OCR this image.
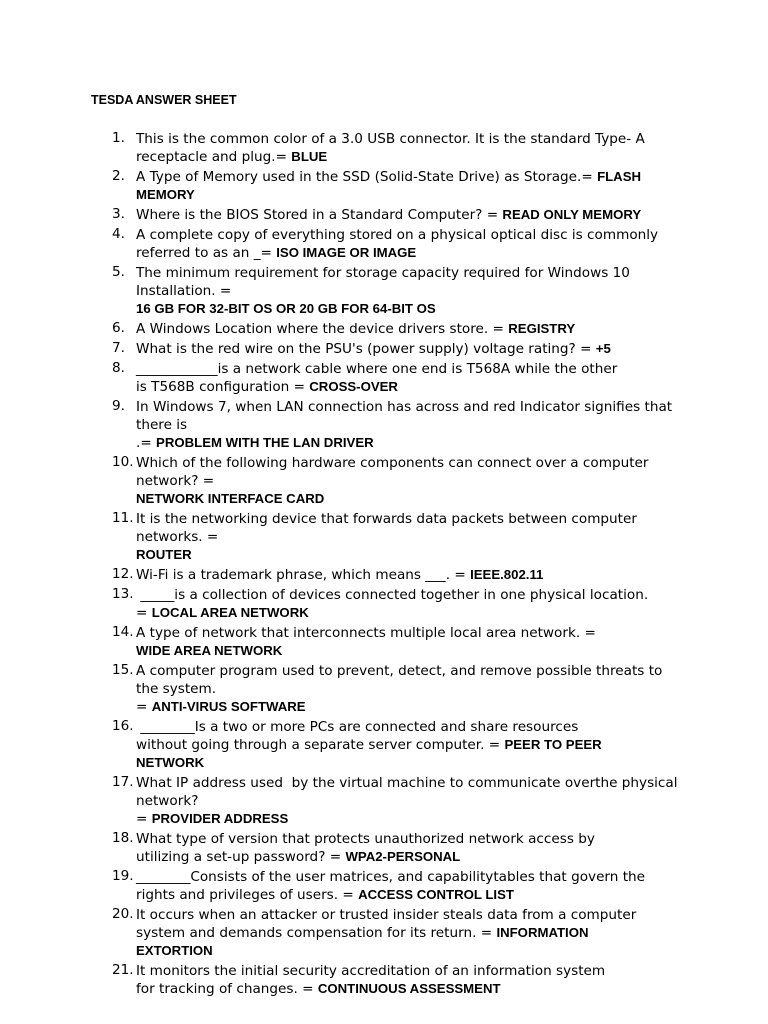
TESDA ANSWER SHEET
1. This is the common color of a 3.0 USB connector. It is the standard Type- A
receptacle and plug.= BLUE
2. A Type of Memory used in the SSD (Solid-State Drive) as Storage.= FLASH
MEMORY
3. Where is the BIOS Stored in a Standard Computer? = READ ONLY MEMORY
4. A complete copy of everything stored on a physical optical disc is commonly
referred to as an _= ISO IMAGE OR IMAGE
5. The minimum requirement for storage capacity required for Windows 10
Installation. =
16 GB FOR 32-BIT OS OR 20 GB FOR 64-BIT OS
6. A Windows Location where the device drivers store. = REGISTRY
7. What is the red wire on the PSU's (power supply) voltage rating? = +5
8. ____________is a network cable where one end is T568A while the other
is T568B configuration = CROSS-OVER
9. In Windows 7, when LAN connection has across and red Indicator signifies that
there is
.= PROBLEM WITH THE LAN DRIVER
10. Which of the following hardware components can connect over a computer
network? =
NETWORK INTERFACE CARD
11. It is the networking device that forwards data packets between computer
networks. =
ROUTER
12. Wi-Fi is a trademark phrase, which means ___. = IEEE.802.11
13. _____is a collection of devices connected together in one physical location.
= LOCAL AREA NETWORK
14. A type of network that interconnects multiple local area network. =
WIDE AREA NETWORK
15. A computer program used to prevent, detect, and remove possible threats to
the system.
= ANTI-VIRUS SOFTWARE
16. ________Is a two or more PCs are connected and share resources
without going through a separate server computer. = PEER TO PEER
NETWORK
17. What IP address used  by the virtual machine to communicate overthe physical
network?
= PROVIDER ADDRESS
18. What type of version that protects unauthorized network access by
utilizing a set-up password? = WPA2-PERSONAL
19. ________Consists of the user matrices, and capabilitytables that govern the
rights and privileges of users. = ACCESS CONTROL LIST
20. It occurs when an attacker or trusted insider steals data from a computer
system and demands compensation for its return. = INFORMATION
EXTORTION
21. It monitors the initial security accreditation of an information system
for tracking of changes. = CONTINUOUS ASSESSMENT
